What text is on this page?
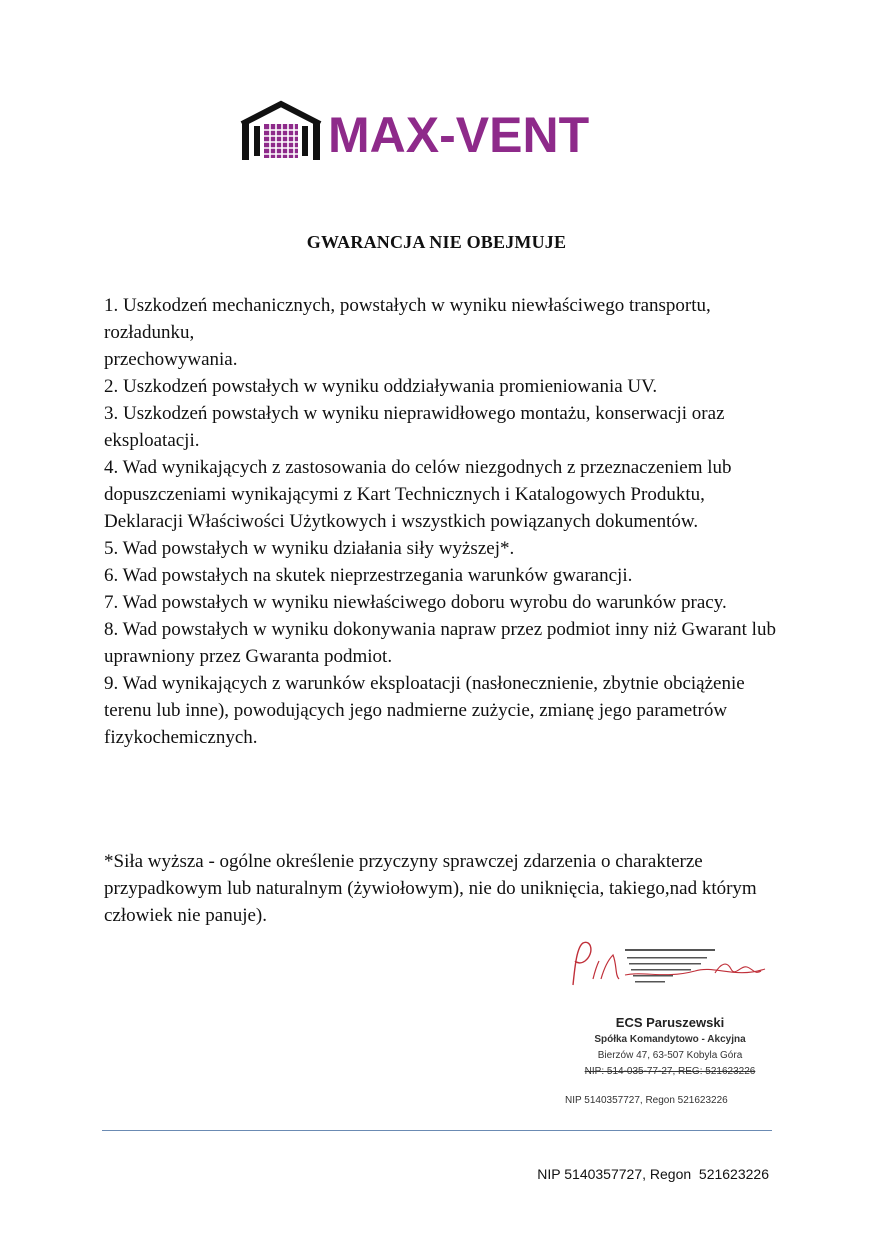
MAX-VENT
GWARANCJA NIE OBEJMUJE

1. Uszkodzeń mechanicznych, powstałych w wyniku niewłaściwego transportu, rozładunku,

przechowywania.

2. Uszkodzeń powstałych w wyniku oddziaływania promieniowania UV.

3. Uszkodzeń powstałych w wyniku nieprawidłowego montażu, konserwacji oraz eksploatacji.

4. Wad wynikających z zastosowania do celów niezgodnych z przeznaczeniem lub dopuszczeniami wynikającymi z Kart Technicznych i Katalogowych Produktu, Deklaracji Właściwości Użytkowych i wszystkich powiązanych dokumentów.

5. Wad powstałych w wyniku działania siły wyższej*.

6. Wad powstałych na skutek nieprzestrzegania warunków gwarancji.

7. Wad powstałych w wyniku niewłaściwego doboru wyrobu do warunków pracy.

8. Wad powstałych w wyniku dokonywania napraw przez podmiot inny niż Gwarant lub uprawniony przez Gwaranta podmiot.

9. Wad wynikających z warunków eksploatacji (nasłonecznienie, zbytnie obciążenie terenu lub inne), powodujących jego nadmierne zużycie, zmianę jego parametrów fizykochemicznych.

*Siła wyższa - ogólne określenie przyczyny sprawczej zdarzenia o charakterze przypadkowym lub naturalnym (żywiołowym), nie do uniknięcia, takiego,nad którym człowiek nie panuje).
ECS Paruszewski
Spółka Komandytowo - Akcyjna
Bierzów 47, 63-507 Kobyla Góra
NIP: 514-035-77-27, REG: 521623226
NIP 5140357727, Regon 521623226
NIP 5140357727, Regon  521623226
